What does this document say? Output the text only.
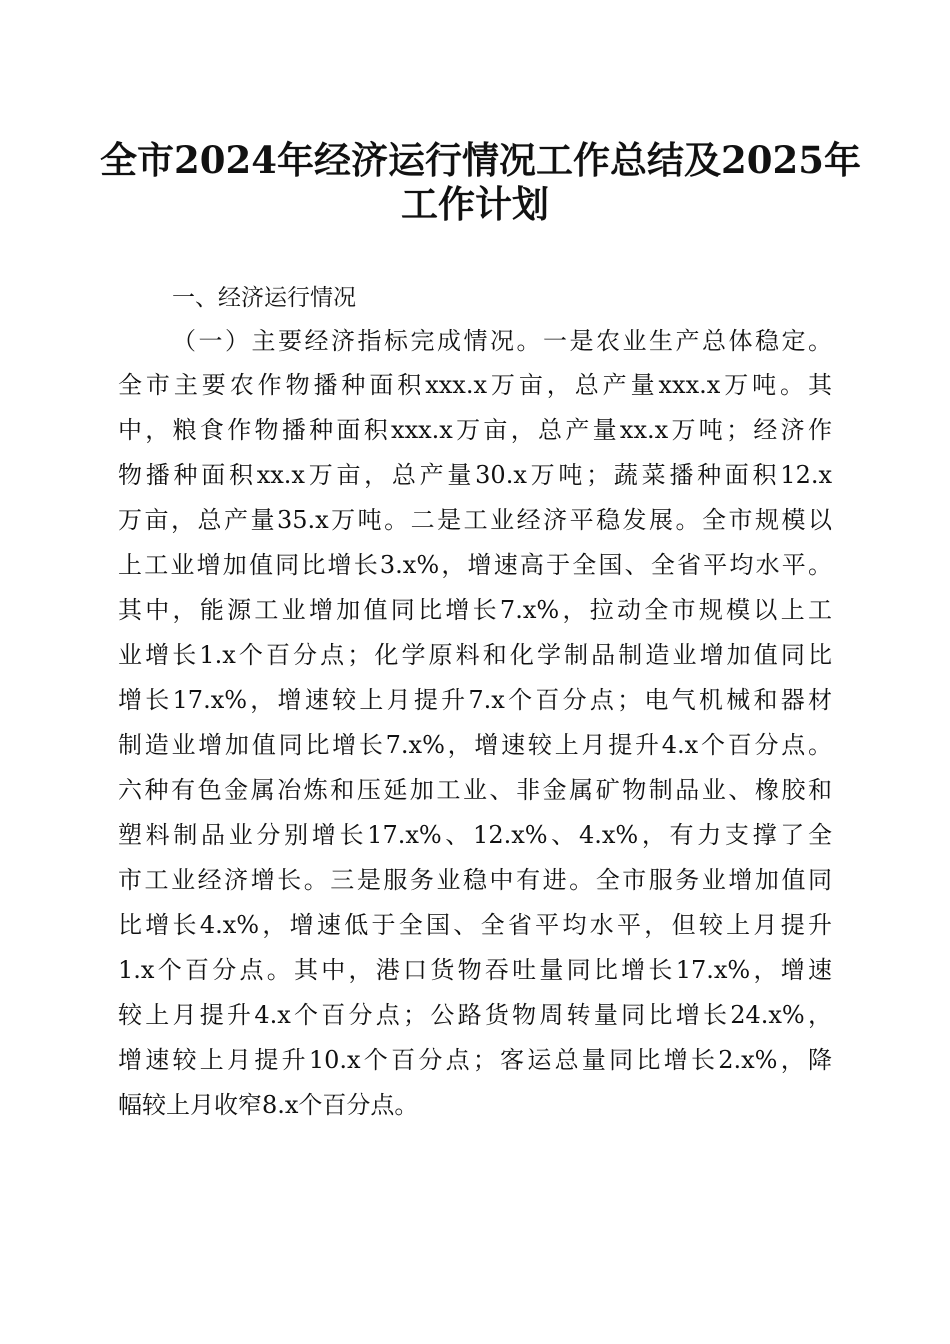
全市2024年经济运行情况工作总结及2025年
工作计划
一、经济运行情况
（一）主要经济指标完成情况。一是农业生产总体稳定。
全市主要农作物播种面积xxx.x万亩，总产量xxx.x万吨。其
中，粮食作物播种面积xxx.x万亩，总产量xx.x万吨；经济作
物播种面积xx.x万亩，总产量30.x万吨；蔬菜播种面积12.x
万亩，总产量35.x万吨。二是工业经济平稳发展。全市规模以
上工业增加值同比增长3.x%，增速高于全国、全省平均水平。
其中，能源工业增加值同比增长7.x%，拉动全市规模以上工
业增长1.x个百分点；化学原料和化学制品制造业增加值同比
增长17.x%，增速较上月提升7.x个百分点；电气机械和器材
制造业增加值同比增长7.x%，增速较上月提升4.x个百分点。
六种有色金属冶炼和压延加工业、非金属矿物制品业、橡胶和
塑料制品业分别增长17.x%、12.x%、4.x%，有力支撑了全
市工业经济增长。三是服务业稳中有进。全市服务业增加值同
比增长4.x%，增速低于全国、全省平均水平，但较上月提升
1.x个百分点。其中，港口货物吞吐量同比增长17.x%，增速
较上月提升4.x个百分点；公路货物周转量同比增长24.x%，
增速较上月提升10.x个百分点；客运总量同比增长2.x%，降
幅较上月收窄8.x个百分点。
